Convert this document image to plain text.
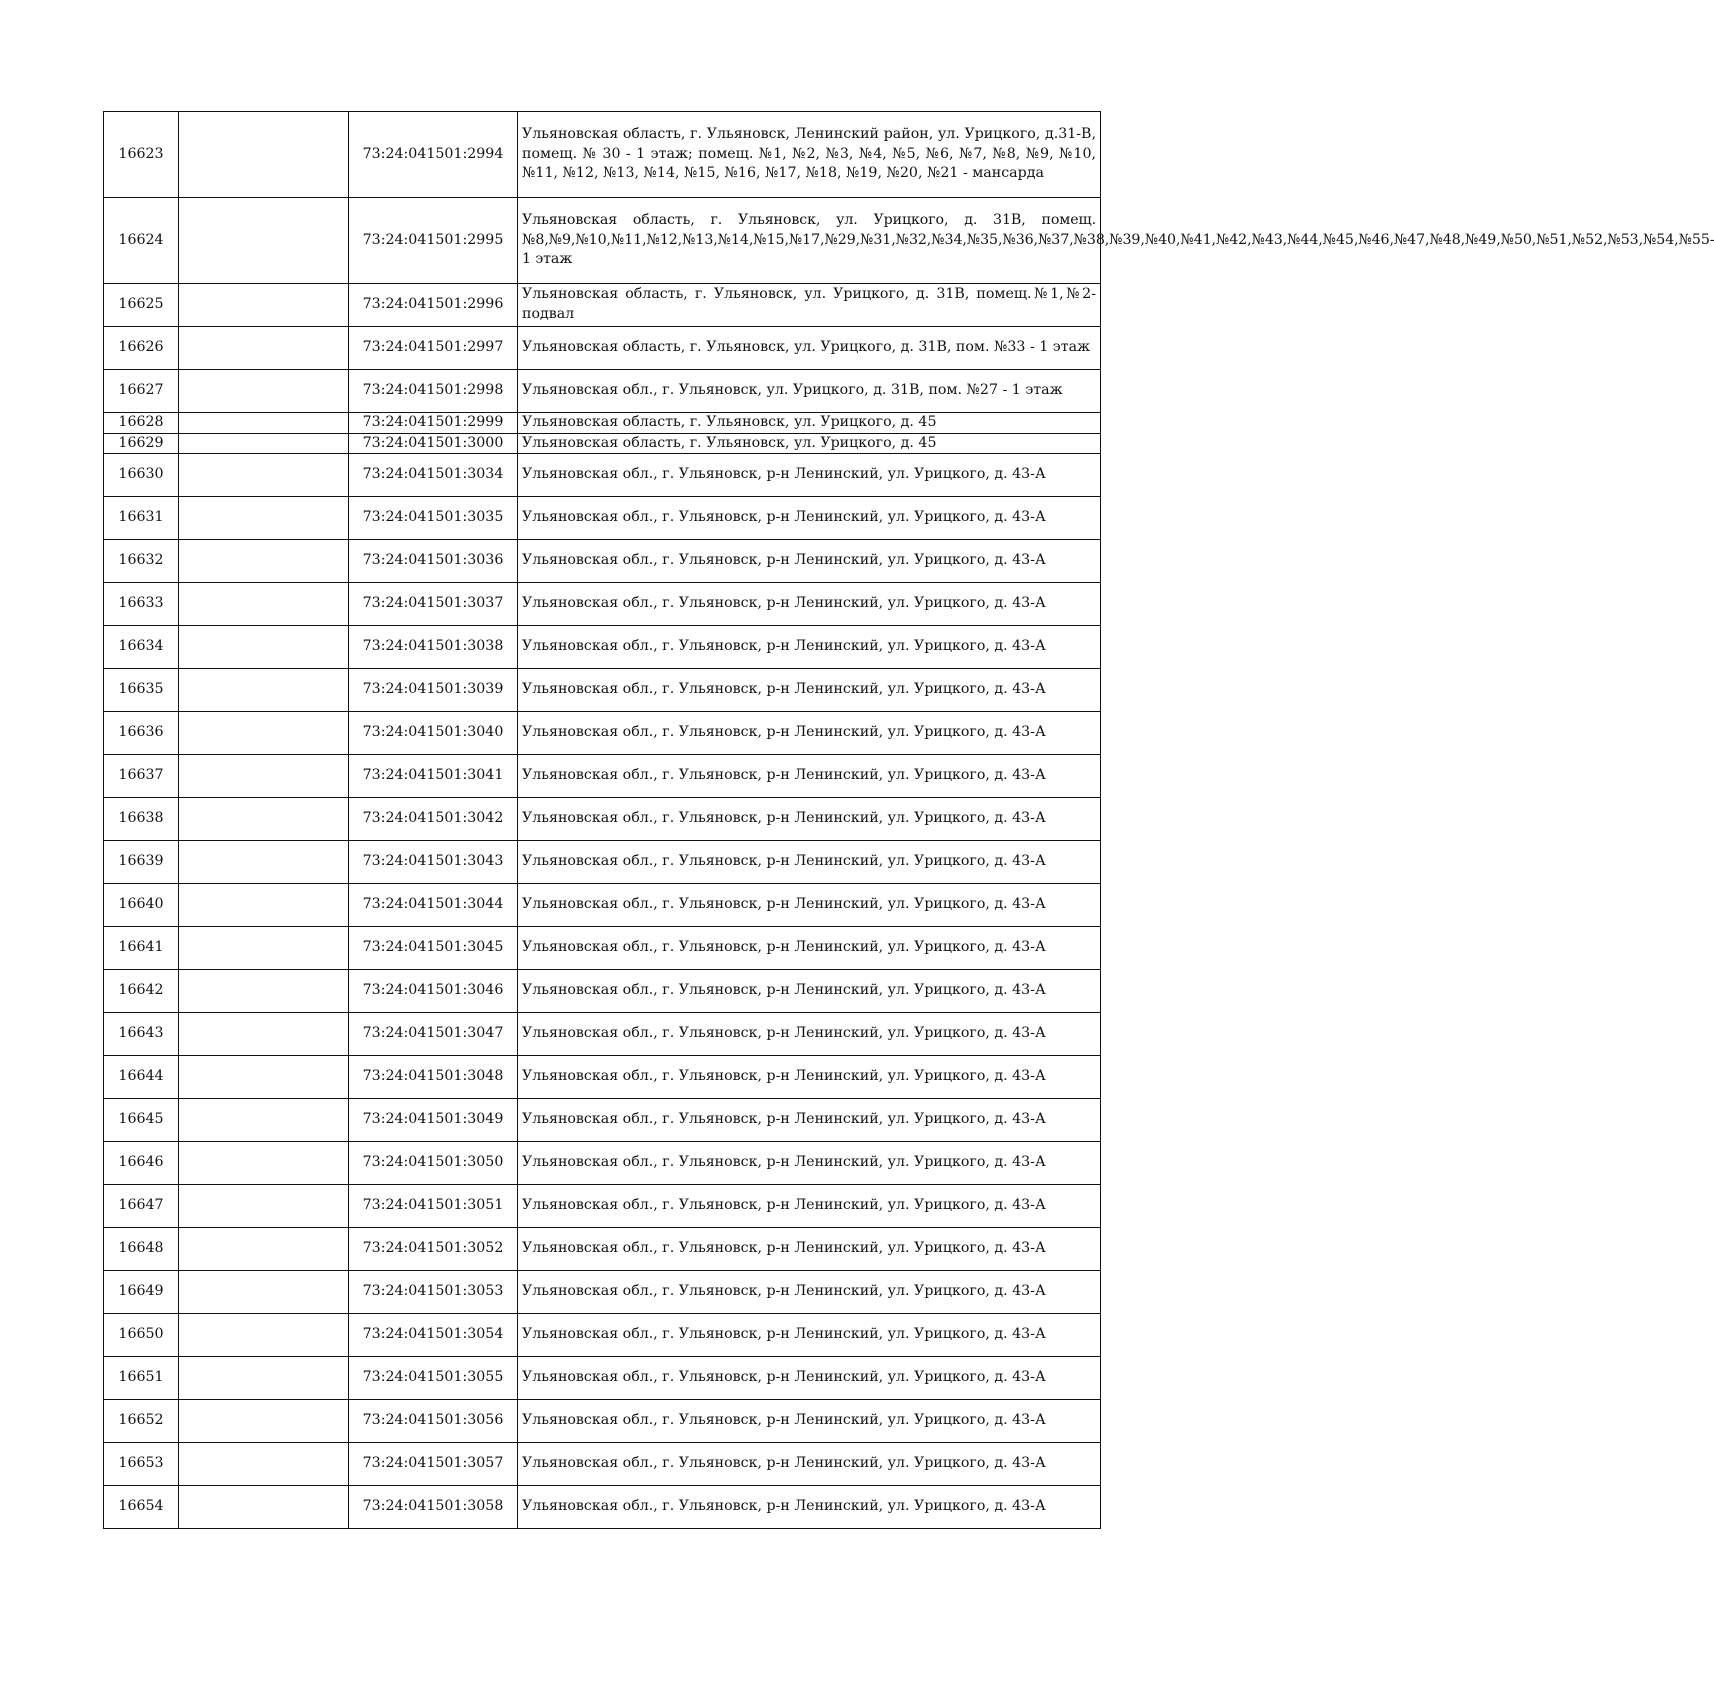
16623		73:24:041501:2994	Ульяновская область, г. Ульяновск, Ленинский район, ул. Урицкого, д.31-В, помещ. № 30 - 1 этаж; помещ. №1, №2, №3, №4, №5, №6, №7, №8, №9, №10, №11, №12, №13, №14, №15, №16, №17, №18, №19, №20, №21 - мансарда
16624		73:24:041501:2995	Ульяновская область, г. Ульяновск, ул. Урицкого, д. 31В, помещ.№8,№9,№10,№11,№12,№13,№14,№15,№17,№29,№31,№32,№34,№35,№36,№37,№38,№39,№40,№41,№42,№43,№44,№45,№46,№47,№48,№49,№50,№51,№52,№53,№54,№55-1 этаж
16625		73:24:041501:2996	Ульяновская область, г. Ульяновск, ул. Урицкого, д. 31В, помещ.№1,№2-подвал
16626		73:24:041501:2997	Ульяновская область, г. Ульяновск, ул. Урицкого, д. 31В, пом. №33 - 1 этаж
16627		73:24:041501:2998	Ульяновская обл., г. Ульяновск, ул. Урицкого, д. 31В, пом. №27 - 1 этаж
16628		73:24:041501:2999	Ульяновская область, г. Ульяновск, ул. Урицкого, д. 45
16629		73:24:041501:3000	Ульяновская область, г. Ульяновск, ул. Урицкого, д. 45
16630		73:24:041501:3034	Ульяновская обл., г. Ульяновск, р-н Ленинский, ул. Урицкого, д. 43-А
16631		73:24:041501:3035	Ульяновская обл., г. Ульяновск, р-н Ленинский, ул. Урицкого, д. 43-А
16632		73:24:041501:3036	Ульяновская обл., г. Ульяновск, р-н Ленинский, ул. Урицкого, д. 43-А
16633		73:24:041501:3037	Ульяновская обл., г. Ульяновск, р-н Ленинский, ул. Урицкого, д. 43-А
16634		73:24:041501:3038	Ульяновская обл., г. Ульяновск, р-н Ленинский, ул. Урицкого, д. 43-А
16635		73:24:041501:3039	Ульяновская обл., г. Ульяновск, р-н Ленинский, ул. Урицкого, д. 43-А
16636		73:24:041501:3040	Ульяновская обл., г. Ульяновск, р-н Ленинский, ул. Урицкого, д. 43-А
16637		73:24:041501:3041	Ульяновская обл., г. Ульяновск, р-н Ленинский, ул. Урицкого, д. 43-А
16638		73:24:041501:3042	Ульяновская обл., г. Ульяновск, р-н Ленинский, ул. Урицкого, д. 43-А
16639		73:24:041501:3043	Ульяновская обл., г. Ульяновск, р-н Ленинский, ул. Урицкого, д. 43-А
16640		73:24:041501:3044	Ульяновская обл., г. Ульяновск, р-н Ленинский, ул. Урицкого, д. 43-А
16641		73:24:041501:3045	Ульяновская обл., г. Ульяновск, р-н Ленинский, ул. Урицкого, д. 43-А
16642		73:24:041501:3046	Ульяновская обл., г. Ульяновск, р-н Ленинский, ул. Урицкого, д. 43-А
16643		73:24:041501:3047	Ульяновская обл., г. Ульяновск, р-н Ленинский, ул. Урицкого, д. 43-А
16644		73:24:041501:3048	Ульяновская обл., г. Ульяновск, р-н Ленинский, ул. Урицкого, д. 43-А
16645		73:24:041501:3049	Ульяновская обл., г. Ульяновск, р-н Ленинский, ул. Урицкого, д. 43-А
16646		73:24:041501:3050	Ульяновская обл., г. Ульяновск, р-н Ленинский, ул. Урицкого, д. 43-А
16647		73:24:041501:3051	Ульяновская обл., г. Ульяновск, р-н Ленинский, ул. Урицкого, д. 43-А
16648		73:24:041501:3052	Ульяновская обл., г. Ульяновск, р-н Ленинский, ул. Урицкого, д. 43-А
16649		73:24:041501:3053	Ульяновская обл., г. Ульяновск, р-н Ленинский, ул. Урицкого, д. 43-А
16650		73:24:041501:3054	Ульяновская обл., г. Ульяновск, р-н Ленинский, ул. Урицкого, д. 43-А
16651		73:24:041501:3055	Ульяновская обл., г. Ульяновск, р-н Ленинский, ул. Урицкого, д. 43-А
16652		73:24:041501:3056	Ульяновская обл., г. Ульяновск, р-н Ленинский, ул. Урицкого, д. 43-А
16653		73:24:041501:3057	Ульяновская обл., г. Ульяновск, р-н Ленинский, ул. Урицкого, д. 43-А
16654		73:24:041501:3058	Ульяновская обл., г. Ульяновск, р-н Ленинский, ул. Урицкого, д. 43-А
